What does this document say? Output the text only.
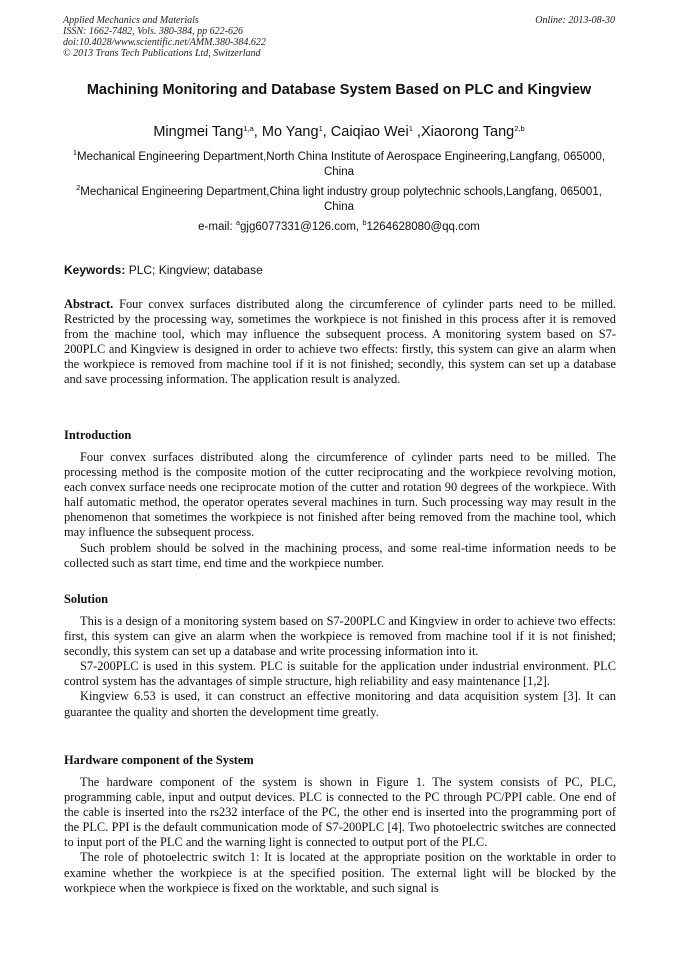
Applied Mechanics and Materials
ISSN: 1662-7482, Vols. 380-384, pp 622-626
doi:10.4028/www.scientific.net/AMM.380-384.622
© 2013 Trans Tech Publications Ltd, Switzerland
Online: 2013-08-30
Machining Monitoring and Database System Based on PLC and Kingview
Mingmei Tang$^{1,a}$, Mo Yang$^1$, Caiqiao Wei$^1$ ,Xiaorong Tang$^{2,b}$
$^1$Mechanical Engineering Department,North China Institute of Aerospace Engineering,Langfang, 065000, China
$^2$Mechanical Engineering Department,China light industry group polytechnic schools,Langfang, 065001, China
e-mail: $^a$gjg6077331@126.com, $^b$1264628080@qq.com
Keywords: PLC; Kingview; database
Abstract. Four convex surfaces distributed along the circumference of cylinder parts need to be milled. Restricted by the processing way, sometimes the workpiece is not finished in this process after it is removed from the machine tool, which may influence the subsequent process. A monitoring system based on S7-200PLC and Kingview is designed in order to achieve two effects: firstly, this system can give an alarm when the workpiece is removed from machine tool if it is not finished; secondly, this system can set up a database and save processing information. The application result is analyzed.
Introduction

Four convex surfaces distributed along the circumference of cylinder parts need to be milled. The processing method is the composite motion of the cutter reciprocating and the workpiece revolving motion, each convex surface needs one reciprocate motion of the cutter and rotation 90 degrees of the workpiece. With half automatic method, the operator operates several machines in turn. Such processing way may result in the phenomenon that sometimes the workpiece is not finished after being removed from the machine tool, which may influence the subsequent process.

Such problem should be solved in the machining process, and some real-time information needs to be collected such as start time, end time and the workpiece number.

Solution

This is a design of a monitoring system based on S7-200PLC and Kingview in order to achieve two effects: first, this system can give an alarm when the workpiece is removed from machine tool if it is not finished; secondly, this system can set up a database and write processing information into it.

S7-200PLC is used in this system. PLC is suitable for the application under industrial environment. PLC control system has the advantages of simple structure, high reliability and easy maintenance [1,2].

Kingview 6.53 is used, it can construct an effective monitoring and data acquisition system [3]. It can guarantee the quality and shorten the development time greatly.

Hardware component of the System

The hardware component of the system is shown in Figure 1. The system consists of PC, PLC, programming cable, input and output devices. PLC is connected to the PC through PC/PPI cable. One end of the cable is inserted into the rs232 interface of the PC, the other end is inserted into the programming port of the PLC. PPI is the default communication mode of S7-200PLC [4]. Two photoelectric switches are connected to input port of the PLC and the warning light is connected to output port of the PLC.

The role of photoelectric switch 1: It is located at the appropriate position on the worktable in order to examine whether the workpiece is at the specified position. The external light will be blocked by the workpiece when the workpiece is fixed on the worktable, and such signal is
